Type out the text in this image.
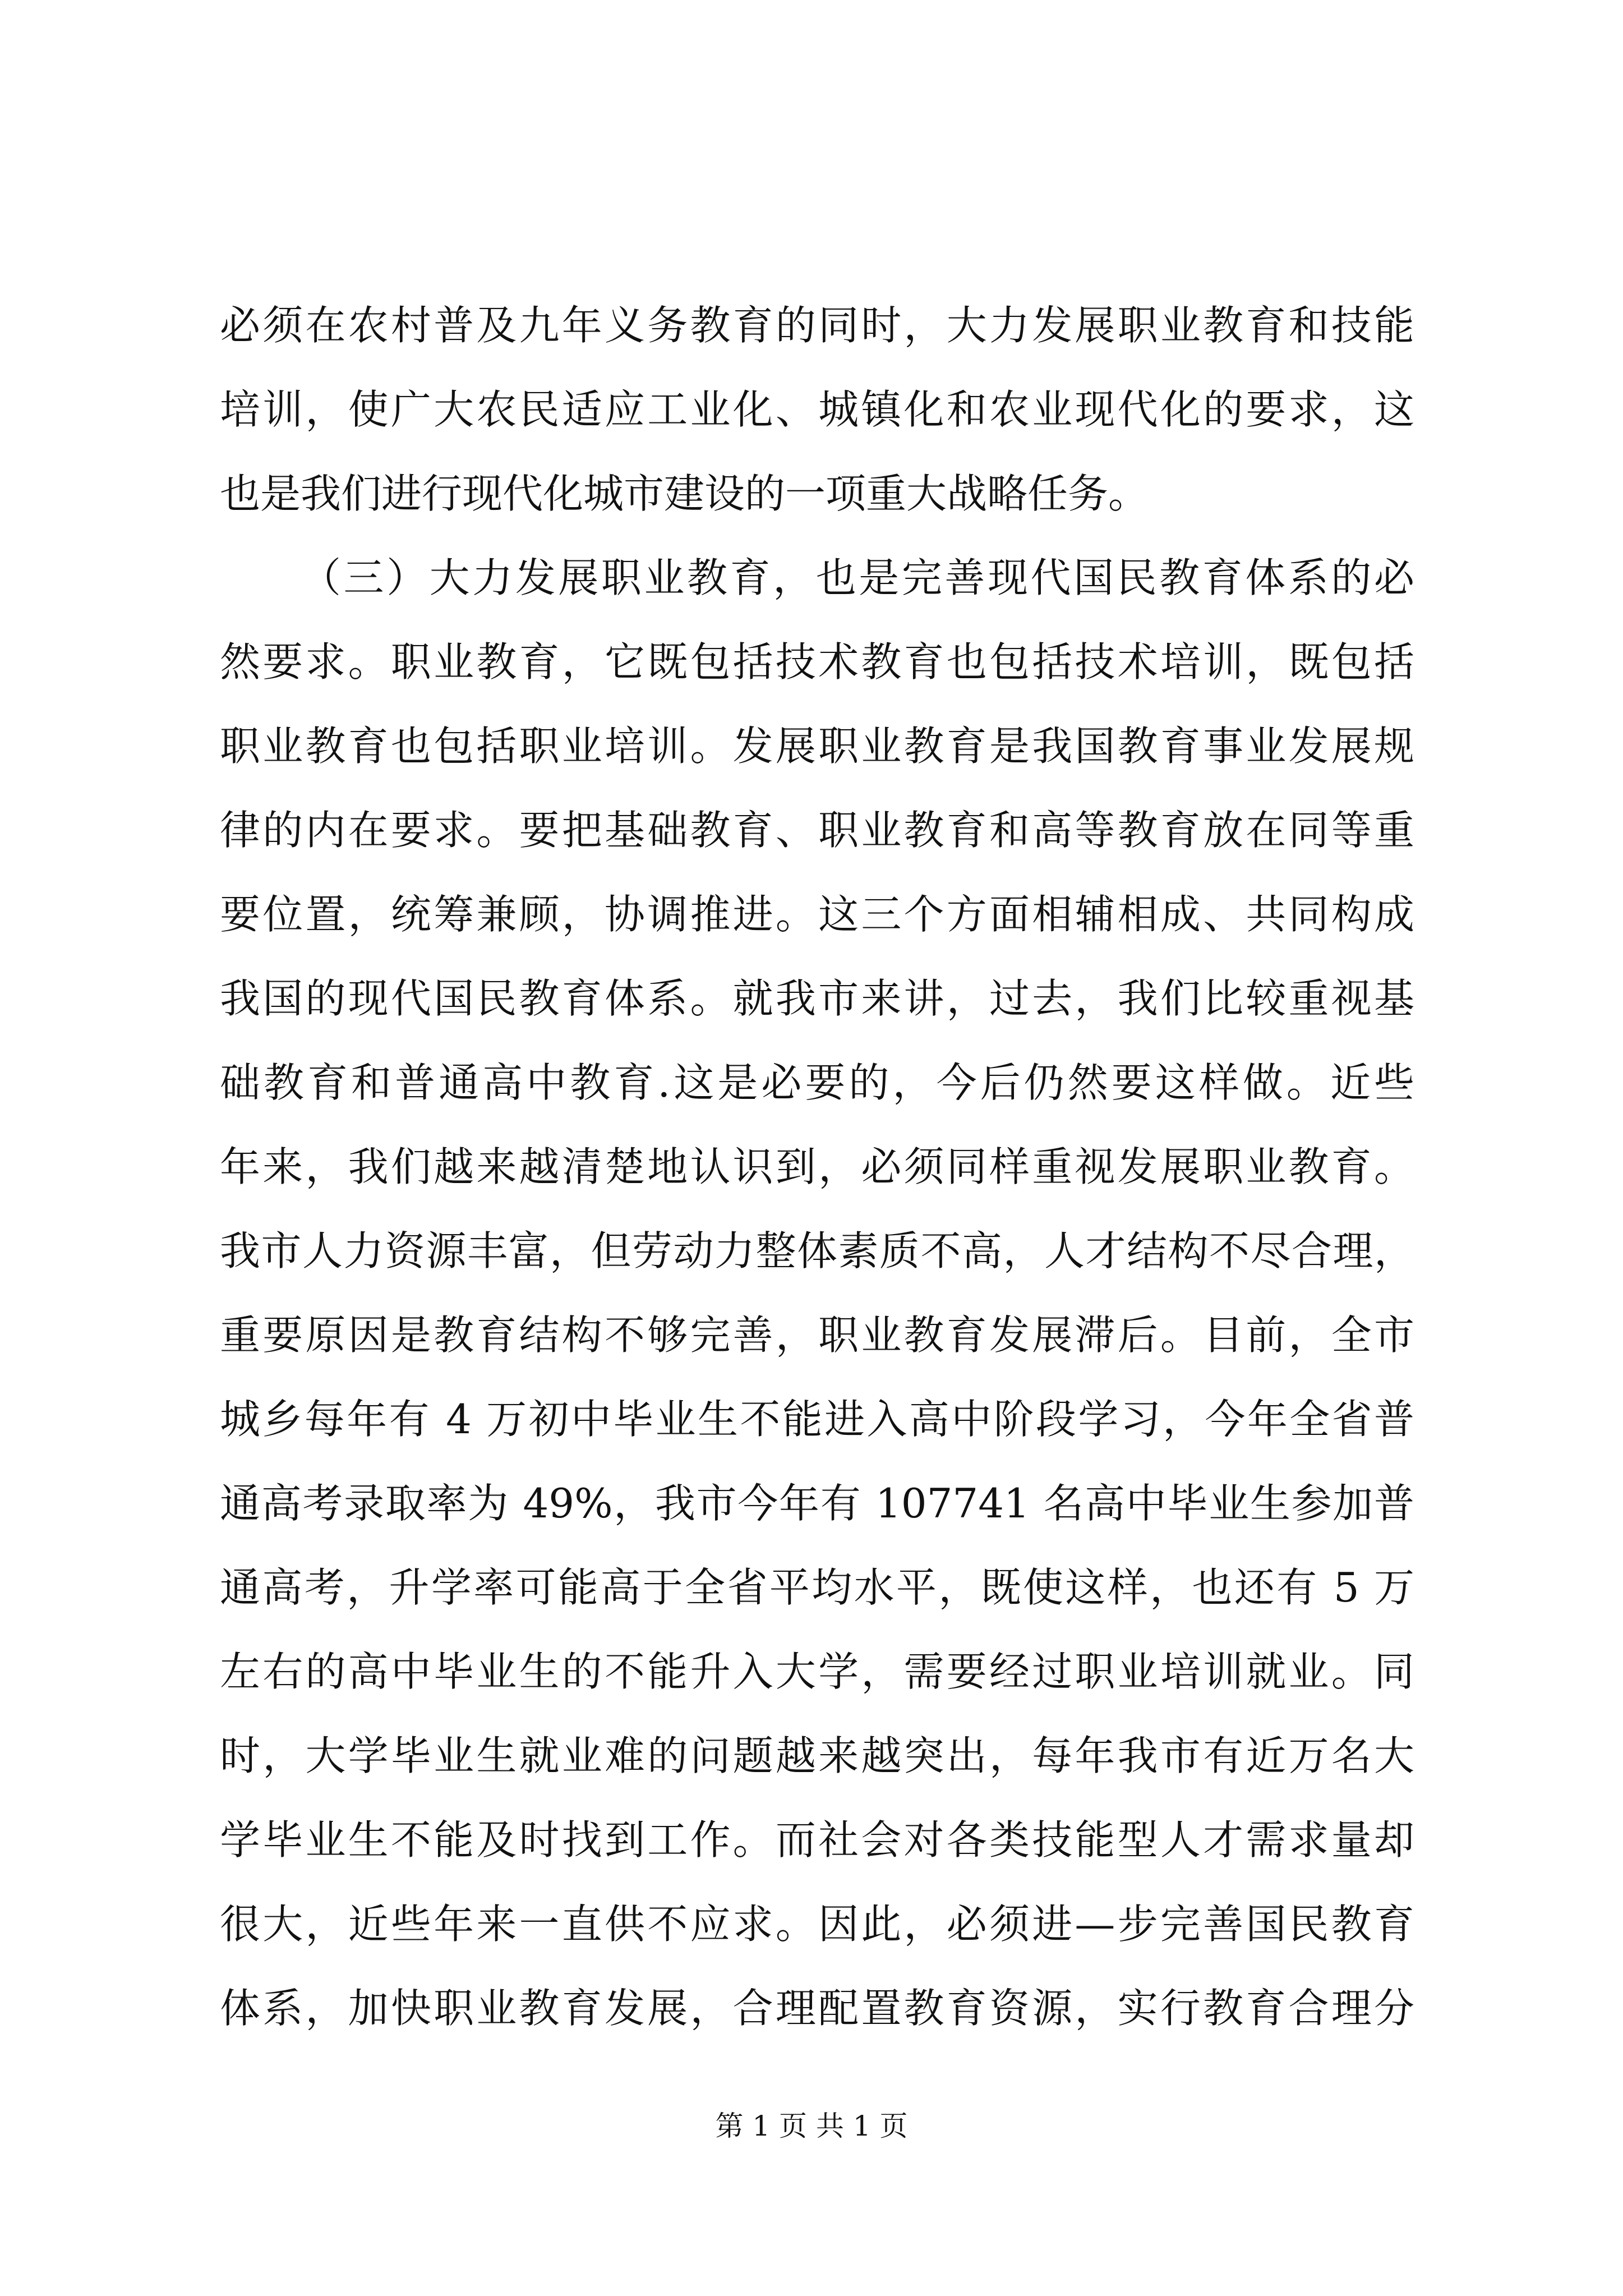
必须在农村普及九年义务教育的同时，大力发展职业教育和技能
培训，使广大农民适应工业化、城镇化和农业现代化的要求，这
也是我们进行现代化城市建设的一项重大战略任务。
（三）大力发展职业教育，也是完善现代国民教育体系的必
然要求。职业教育，它既包括技术教育也包括技术培训，既包括
职业教育也包括职业培训。发展职业教育是我国教育事业发展规
律的内在要求。要把基础教育、职业教育和高等教育放在同等重
要位置，统筹兼顾，协调推进。这三个方面相辅相成、共同构成
我国的现代国民教育体系。就我市来讲，过去，我们比较重视基
础教育和普通高中教育.这是必要的，今后仍然要这样做。近些
年来，我们越来越清楚地认识到，必须同样重视发展职业教育。
我市人力资源丰富，但劳动力整体素质不高，人才结构不尽合理，
重要原因是教育结构不够完善，职业教育发展滞后。目前，全市
城乡每年有 4 万初中毕业生不能进入高中阶段学习，今年全省普
通高考录取率为 49%，我市今年有 107741 名高中毕业生参加普
通高考，升学率可能高于全省平均水平，既使这样，也还有 5 万
左右的高中毕业生的不能升入大学，需要经过职业培训就业。同
时，大学毕业生就业难的问题越来越突出，每年我市有近万名大
学毕业生不能及时找到工作。而社会对各类技能型人才需求量却
很大，近些年来一直供不应求。因此，必须进—步完善国民教育
体系，加快职业教育发展，合理配置教育资源，实行教育合理分
第 1 页 共 1 页
